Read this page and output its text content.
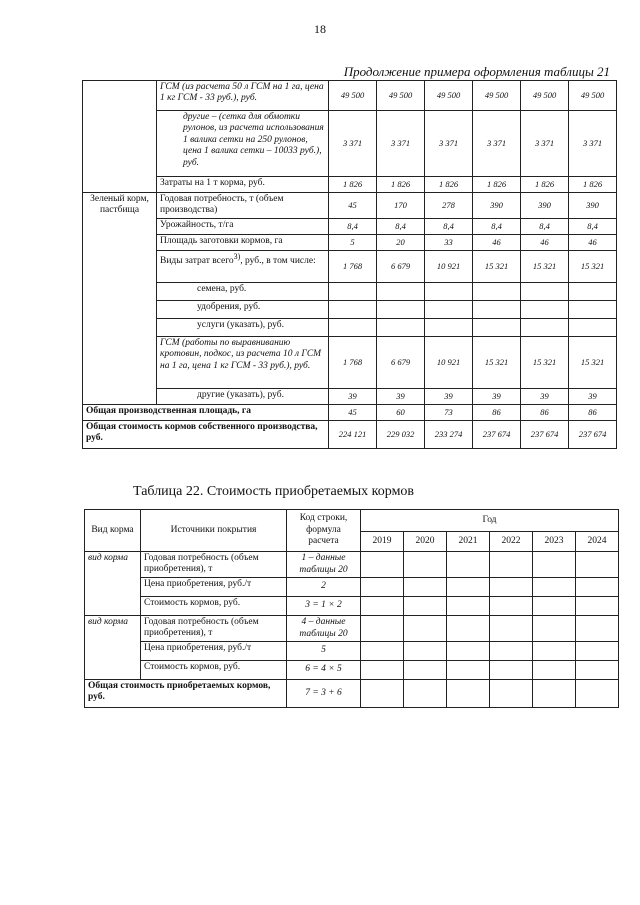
18
Продолжение примера оформления таблицы 21
	ГСМ (из расчета 50 л ГСМ на 1 га, цена 1 кг ГСМ - 33 руб.), руб.	49 500	49 500	49 500	49 500	49 500	49 500
	другие – (сетка для обмотки рулонов, из расчета использования 1 валика сетки на 250 рулонов, цена 1 валика сетки – 10033 руб.), руб.	3 371	3 371	3 371	3 371	3 371	3 371
	Затраты на 1 т корма, руб.	1 826	1 826	1 826	1 826	1 826	1 826
Зеленый корм, пастбища	Годовая потребность, т (объем производства)	45	170	278	390	390	390
	Урожайность, т/га	8,4	8,4	8,4	8,4	8,4	8,4
	Площадь заготовки кормов, га	5	20	33	46	46	46
	Виды затрат всего$^{3)}$, руб., в том числе:	1 768	6 679	10 921	15 321	15 321	15 321
	семена, руб.						
	удобрения, руб.						
	услуги (указать), руб.						
	ГСМ (работы по выравниванию кротовин, подкос, из расчета 10 л ГСМ на 1 га, цена 1 кг ГСМ - 33 руб.), руб.	1 768	6 679	10 921	15 321	15 321	15 321
	другие (указать), руб.	39	39	39	39	39	39
Общая производственная площадь, га		45	60	73	86	86	86
Общая стоимость кормов собственного производства, руб.		224 121	229 032	233 274	237 674	237 674	237 674
Таблица 22. Стоимость приобретаемых кормов
Вид корма	Источники покрытия	Код строки, формула расчета	Год					
			2019	2020	2021	2022	2023	2024
вид корма	Годовая потребность (объем приобретения), т	1 – данные таблицы 20						
	Цена приобретения, руб./т	2						
	Стоимость кормов, руб.	3 = 1 × 2						
вид корма	Годовая потребность (объем приобретения), т	4 – данные таблицы 20						
	Цена приобретения, руб./т	5						
	Стоимость кормов, руб.	6 = 4 × 5						
Общая стоимость приобретаемых кормов, руб.		7 = 3 + 6						
